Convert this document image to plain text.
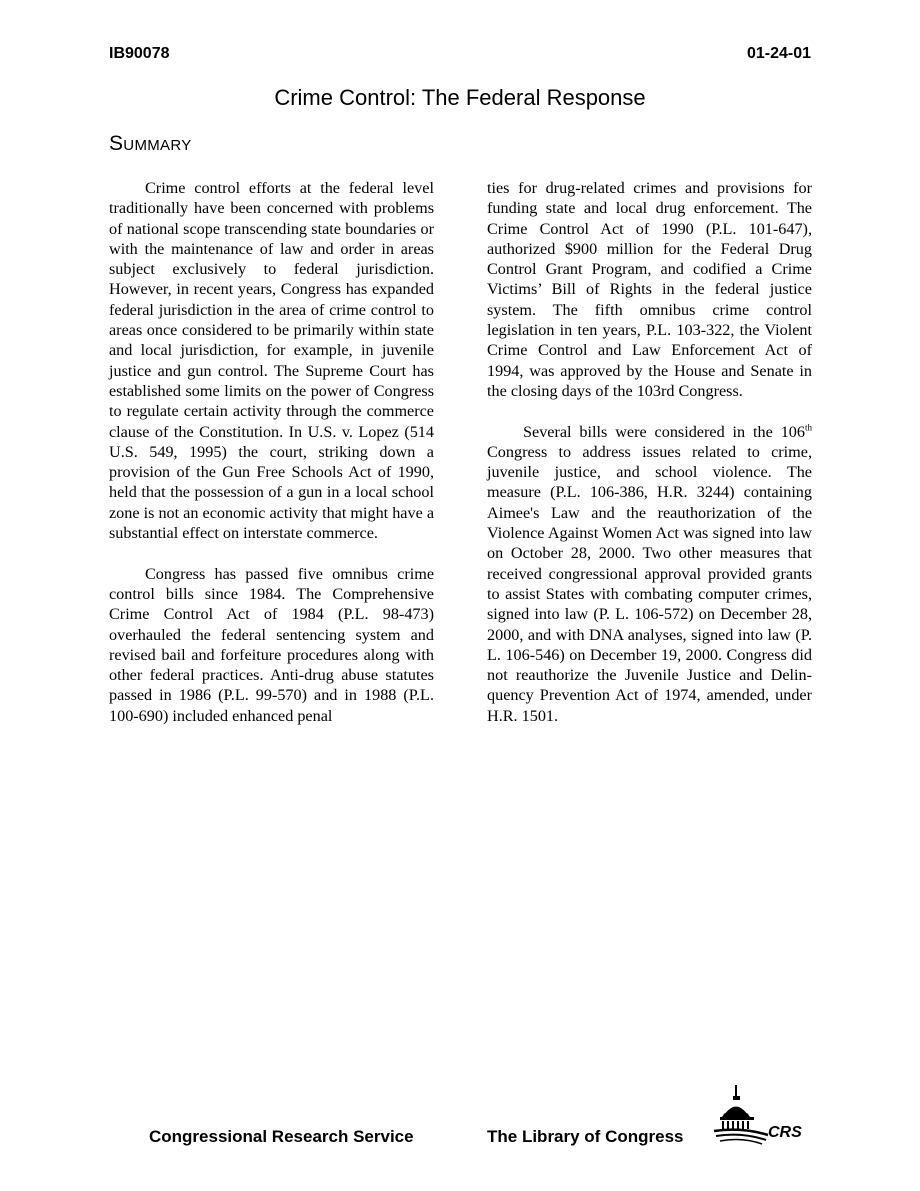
IB90078	01-24-01
Crime Control: The Federal Response
Summary

Crime control efforts at the federal level traditionally have been concerned with problems of national scope transcending state boundaries or with the maintenance of law and order in areas subject exclusively to federal jurisdiction. However, in recent years, Congress has expanded federal jurisdiction in the area of crime control to areas once considered to be primarily within state and local jurisdiction, for example, in juvenile justice and gun control. The Supreme Court has established some limits on the power of Congress to regulate certain activity through the commerce clause of the Constitution. In U.S. v. Lopez (514 U.S. 549, 1995) the court, striking down a provision of the Gun Free Schools Act of 1990, held that the possession of a gun in a local school zone is not an economic activity that might have a substantial effect on interstate commerce.

Congress has passed five omnibus crime control bills since 1984. The Comprehensive Crime Control Act of 1984 (P.L. 98-473) overhauled the federal sentencing system and revised bail and forfeiture procedures along with other federal practices. Anti-drug abuse statutes passed in 1986 (P.L. 99-570) and in 1988 (P.L. 100-690) included enhanced penal

ties for drug-related crimes and provisions for funding state and local drug enforcement. The Crime Control Act of 1990 (P.L. 101-647), authorized $900 million for the Federal Drug Control Grant Program, and codified a Crime Victims’ Bill of Rights in the federal justice system. The fifth omnibus crime control legislation in ten years, P.L. 103-322, the Violent Crime Control and Law Enforcement Act of 1994, was approved by the House and Senate in the closing days of the 103rd Congress.

Several bills were considered in the 106th Congress to address issues related to crime, juvenile justice, and school violence. The measure (P.L. 106-386, H.R. 3244) containing Aimee's Law and the reauthorization of the Violence Against Women Act was signed into law on October 28, 2000. Two other measures that received congressional approval provided grants to assist States with combating computer crimes, signed into law (P. L. 106-572) on December 28, 2000, and with DNA analyses, signed into law (P. L. 106-546) on December 19, 2000. Congress did not reauthorize the Juvenile Justice and Delinquency Prevention Act of 1974, amended, under H.R. 1501.

Congressional Research Service	The Library of Congress	CRS
